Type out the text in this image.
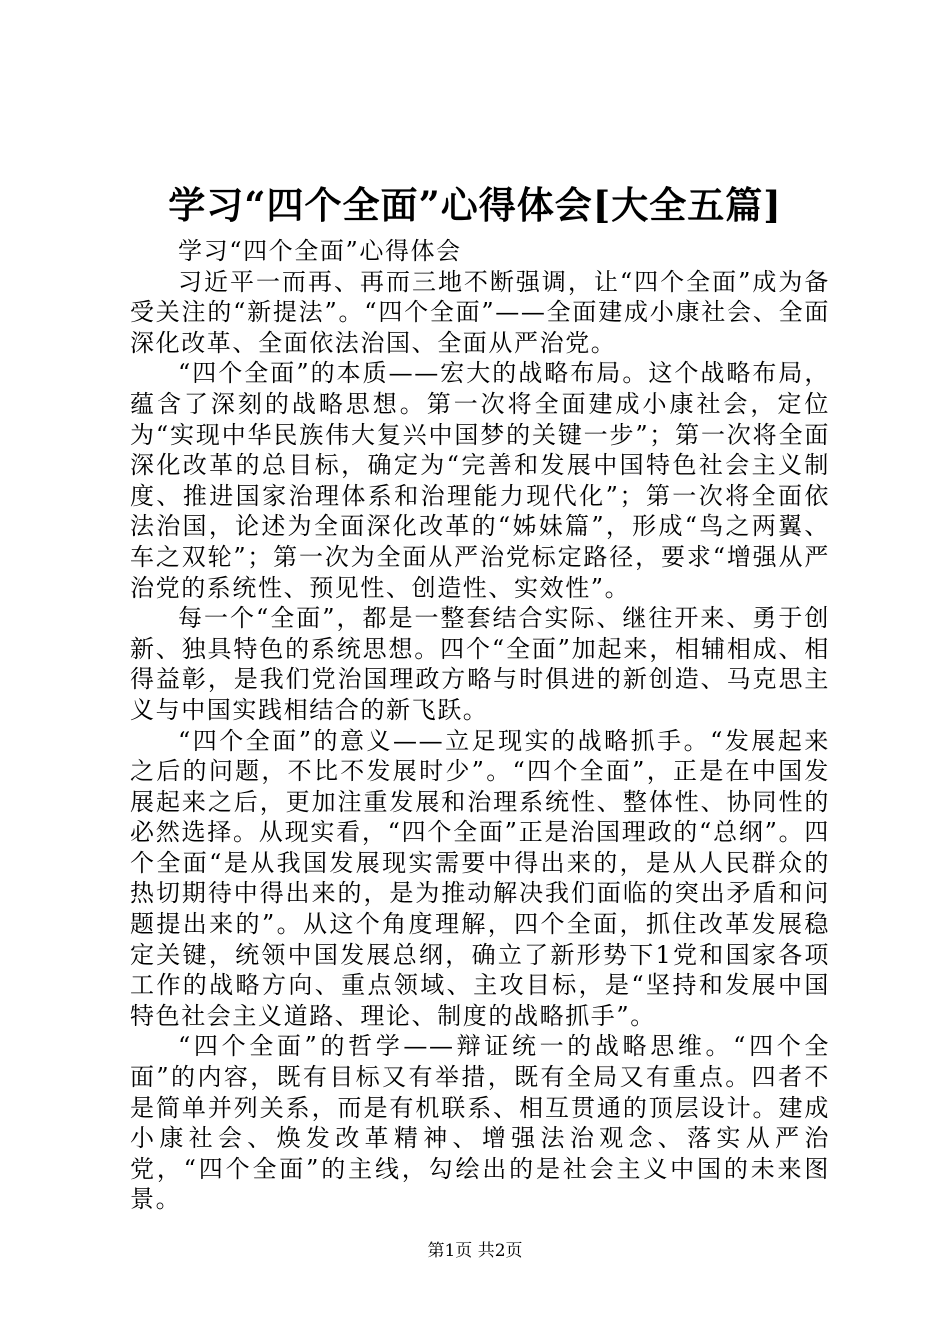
学习“四个全面”心得体会[大全五篇]

学习“四个全面”心得体会

习近平一而再、再而三地不断强调，让“四个全面”成为备受关注的“新提法”。“四个全面”——全面建成小康社会、全面深化改革、全面依法治国、全面从严治党。

“四个全面”的本质——宏大的战略布局。这个战略布局，蕴含了深刻的战略思想。第一次将全面建成小康社会，定位为“实现中华民族伟大复兴中国梦的关键一步”；第一次将全面深化改革的总目标，确定为“完善和发展中国特色社会主义制度、推进国家治理体系和治理能力现代化”；第一次将全面依法治国，论述为全面深化改革的“姊妹篇”，形成“鸟之两翼、车之双轮”；第一次为全面从严治党标定路径，要求“增强从严治党的系统性、预见性、创造性、实效性”。

每一个“全面”，都是一整套结合实际、继往开来、勇于创新、独具特色的系统思想。四个“全面”加起来，相辅相成、相得益彰，是我们党治国理政方略与时俱进的新创造、马克思主义与中国实践相结合的新飞跃。

“四个全面”的意义——立足现实的战略抓手。“发展起来之后的问题，不比不发展时少”。“四个全面”，正是在中国发展起来之后，更加注重发展和治理系统性、整体性、协同性的必然选择。从现实看，“四个全面”正是治国理政的“总纲”。四个全面“是从我国发展现实需要中得出来的，是从人民群众的热切期待中得出来的，是为推动解决我们面临的突出矛盾和问题提出来的”。从这个角度理解，四个全面，抓住改革发展稳定关键，统领中国发展总纲，确立了新形势下1党和国家各项工作的战略方向、重点领域、主攻目标，是“坚持和发展中国特色社会主义道路、理论、制度的战略抓手”。

“四个全面”的哲学——辩证统一的战略思维。“四个全面”的内容，既有目标又有举措，既有全局又有重点。四者不是简单并列关系，而是有机联系、相互贯通的顶层设计。建成小康社会、焕发改革精神、增强法治观念、落实从严治党，“四个全面”的主线，勾绘出的是社会主义中国的未来图景。

第1页 共2页
